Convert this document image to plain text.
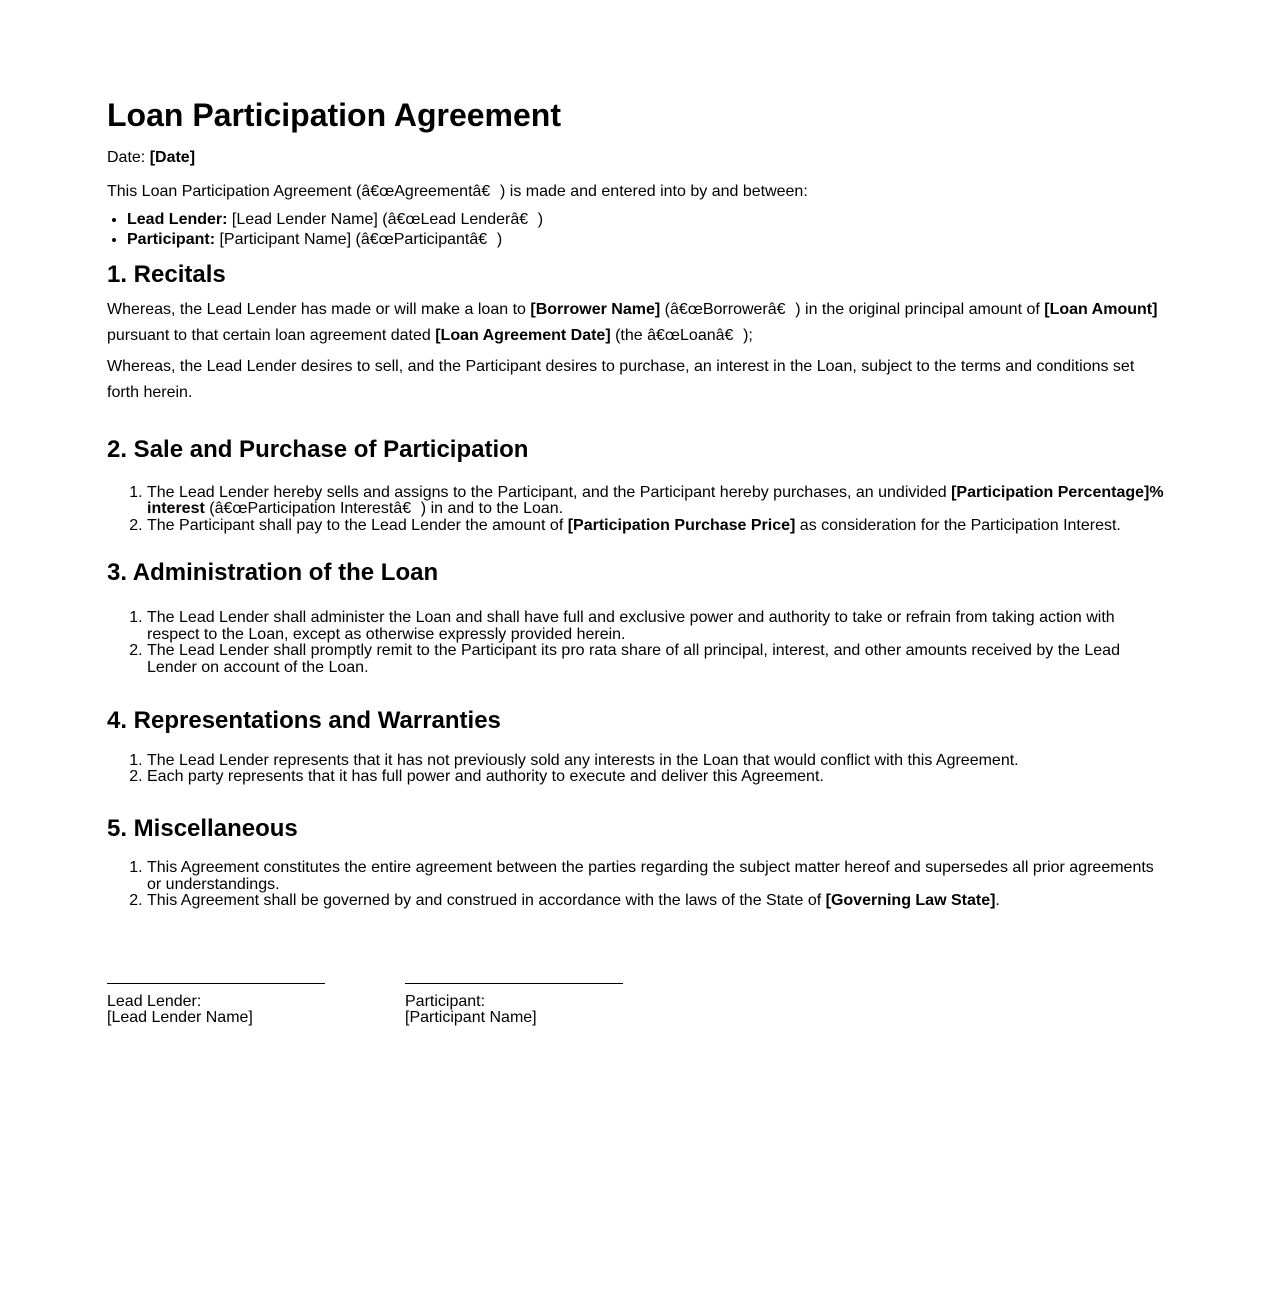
Loan Participation Agreement

Date: [Date]

This Loan Participation Agreement (â€œAgreementâ€) is made and entered into by and between:

• Lead Lender: [Lead Lender Name] (â€œLead Lenderâ€)
• Participant: [Participant Name] (â€œParticipantâ€)
1. Recitals

Whereas, the Lead Lender has made or will make a loan to [Borrower Name] (â€œBorrowerâ€) in the original principal amount of [Loan Amount] pursuant to that certain loan agreement dated [Loan Agreement Date] (the â€œLoanâ€);

Whereas, the Lead Lender desires to sell, and the Participant desires to purchase, an interest in the Loan, subject to the terms and conditions set forth herein.

2. Sale and Purchase of Participation
1. The Lead Lender hereby sells and assigns to the Participant, and the Participant hereby purchases, an undivided [Participation Percentage]% interest (â€œParticipation Interestâ€) in and to the Loan.
2. The Participant shall pay to the Lead Lender the amount of [Participation Purchase Price] as consideration for the Participation Interest.
3. Administration of the Loan
1. The Lead Lender shall administer the Loan and shall have full and exclusive power and authority to take or refrain from taking action with respect to the Loan, except as otherwise expressly provided herein.
2. The Lead Lender shall promptly remit to the Participant its pro rata share of all principal, interest, and other amounts received by the Lead Lender on account of the Loan.
4. Representations and Warranties
1. The Lead Lender represents that it has not previously sold any interests in the Loan that would conflict with this Agreement.
2. Each party represents that it has full power and authority to execute and deliver this Agreement.
5. Miscellaneous
1. This Agreement constitutes the entire agreement between the parties regarding the subject matter hereof and supersedes all prior agreements or understandings.
2. This Agreement shall be governed by and construed in accordance with the laws of the State of [Governing Law State].
Lead Lender:
[Lead Lender Name]
Participant:
[Participant Name]
